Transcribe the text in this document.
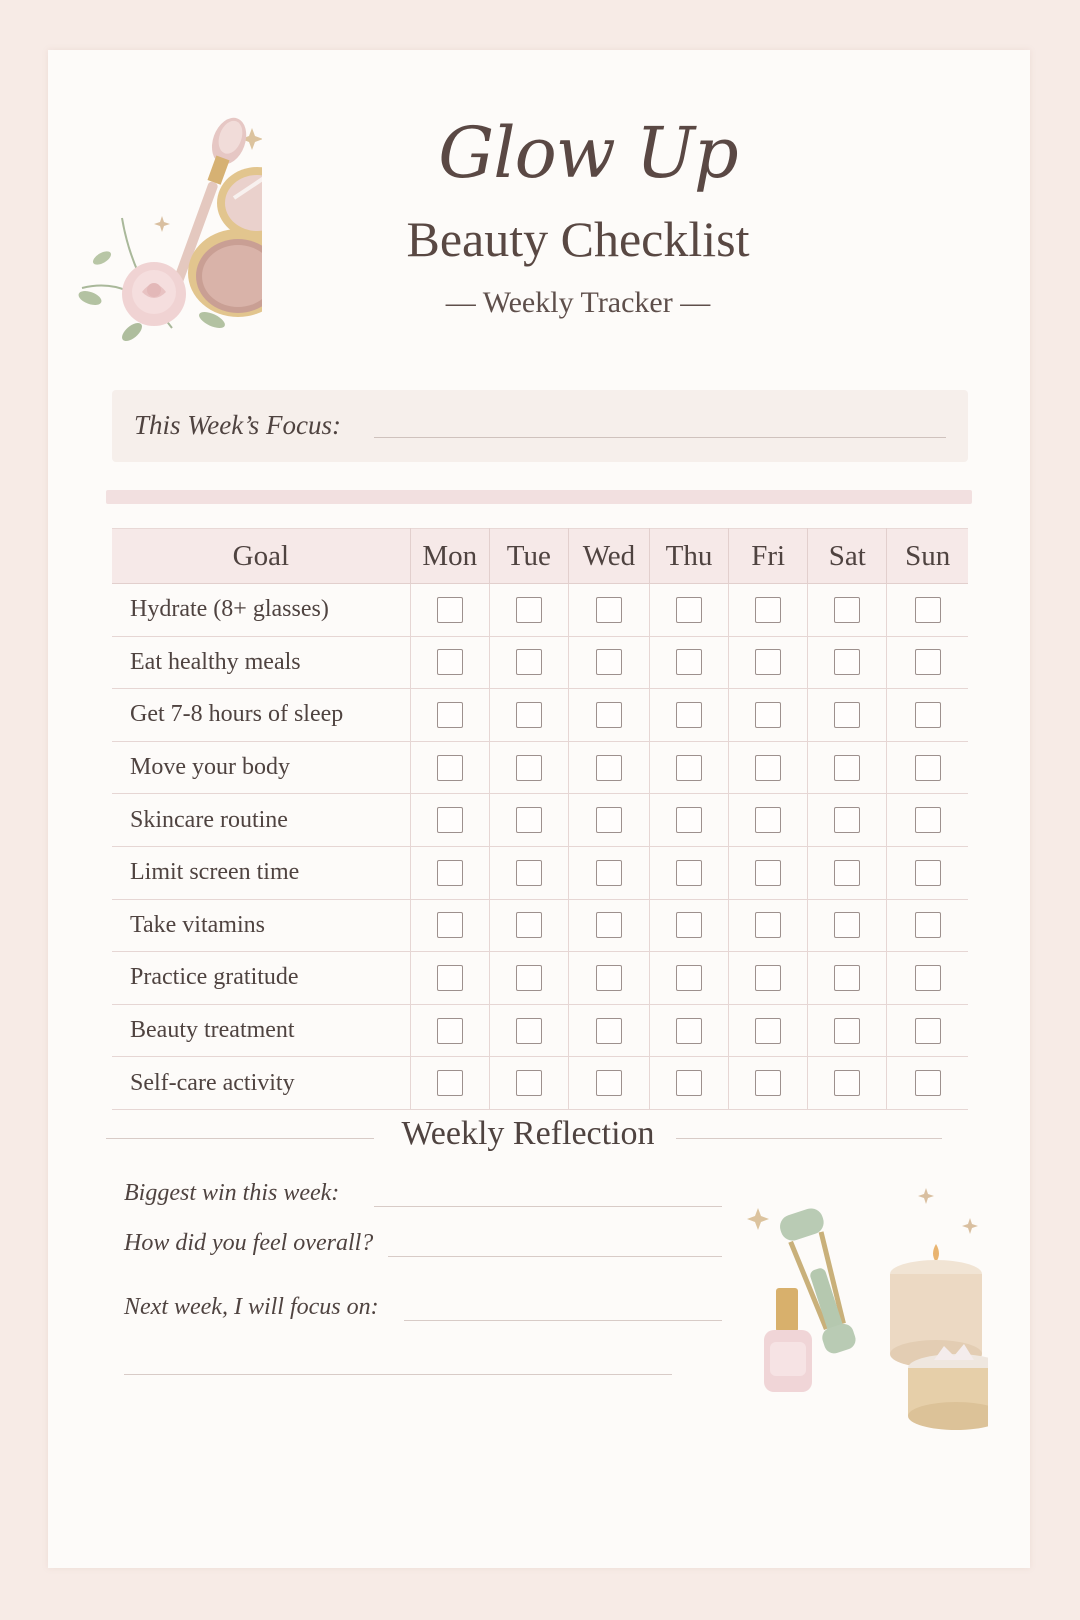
Glow Up
Beauty Checklist
— Weekly Tracker —
This Week’s Focus:
Goal	Mon	Tue	Wed	Thu	Fri	Sat	Sun
Hydrate (8+ glasses)							
Eat healthy meals							
Get 7-8 hours of sleep							
Move your body							
Skincare routine							
Limit screen time							
Take vitamins							
Practice gratitude							
Beauty treatment							
Self-care activity							
Weekly Reflection
Biggest win this week:
How did you feel overall?
Next week, I will focus on:
